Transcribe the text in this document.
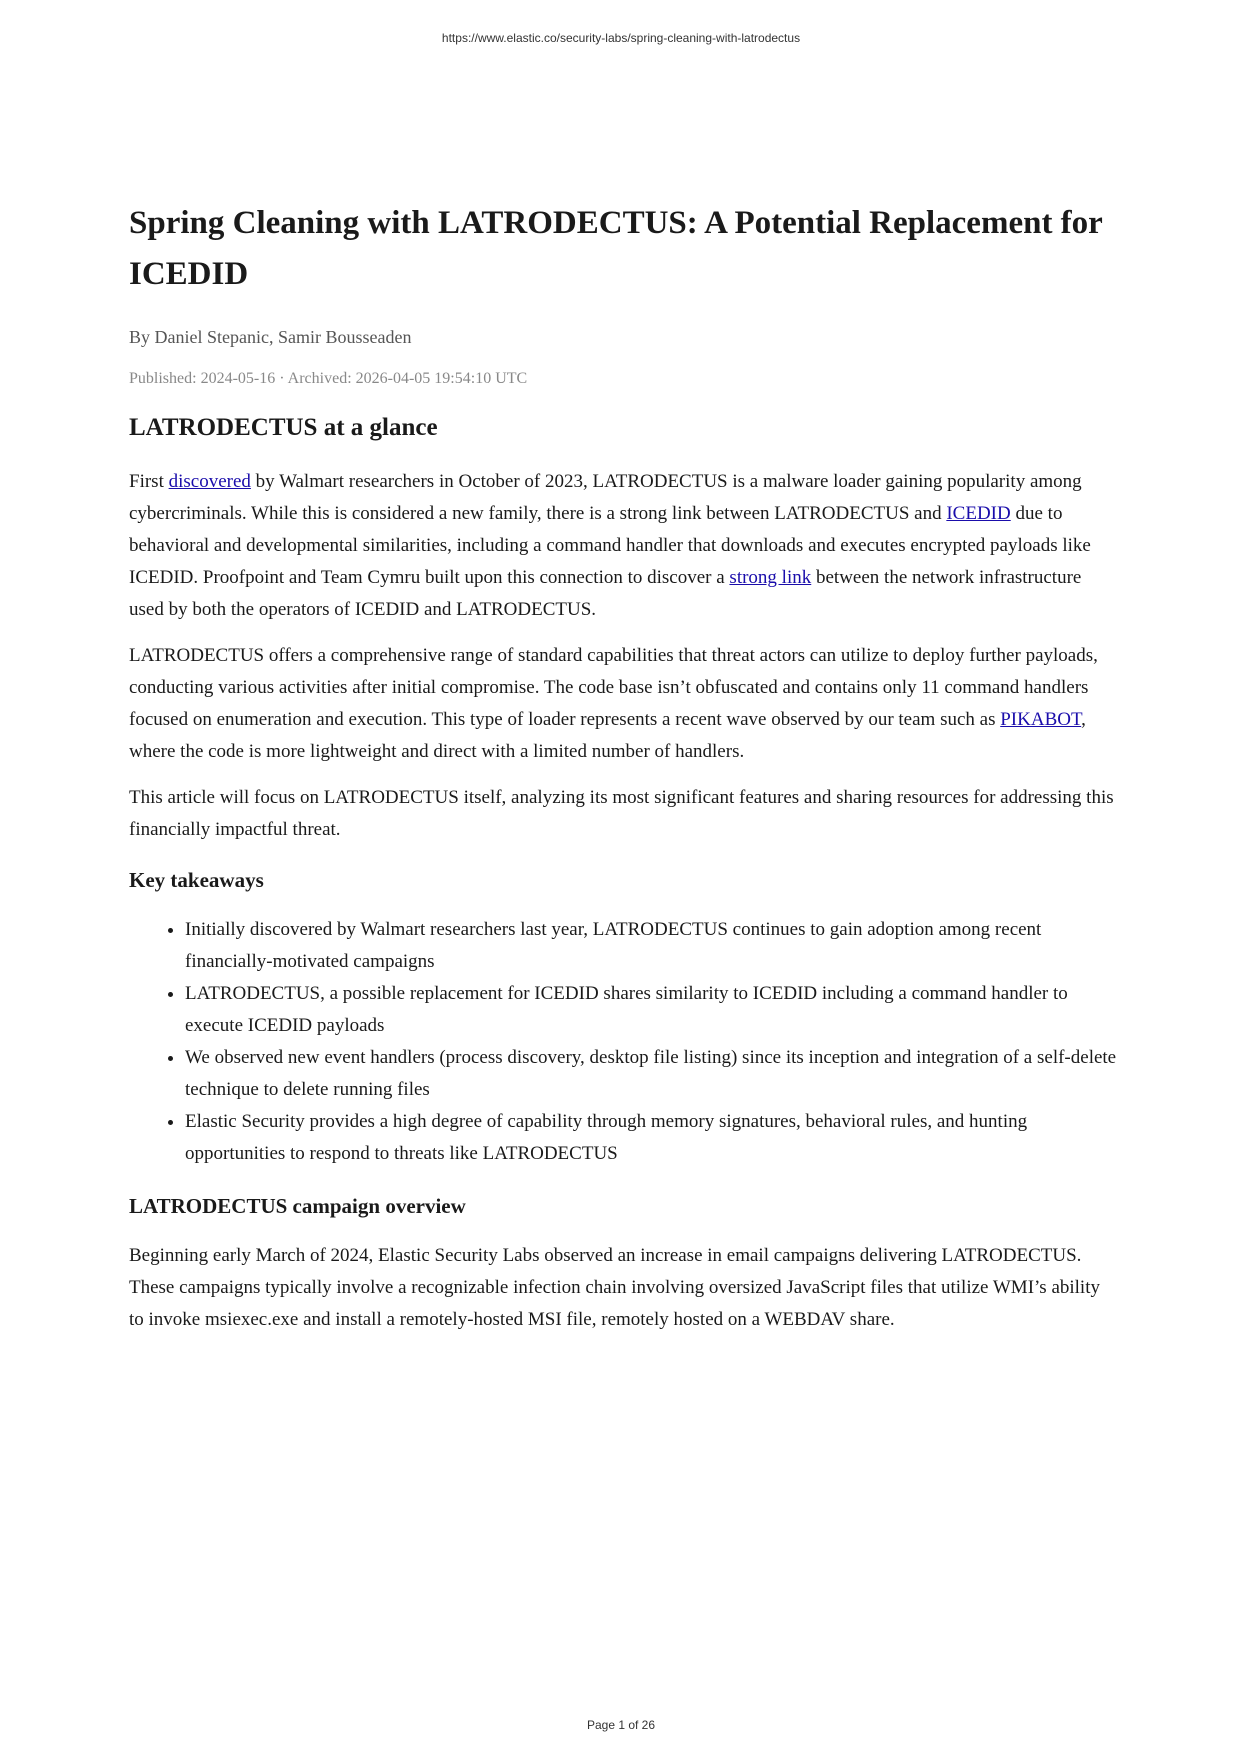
https://www.elastic.co/security-labs/spring-cleaning-with-latrodectus
Spring Cleaning with LATRODECTUS: A Potential Replacement for ICEDID
By Daniel Stepanic, Samir Bousseaden
Published: 2024-05-16 · Archived: 2026-04-05 19:54:10 UTC
LATRODECTUS at a glance

First discovered by Walmart researchers in October of 2023, LATRODECTUS is a malware loader gaining popularity among cybercriminals. While this is considered a new family, there is a strong link between LATRODECTUS and ICEDID due to behavioral and developmental similarities, including a command handler that downloads and executes encrypted payloads like ICEDID. Proofpoint and Team Cymru built upon this connection to discover a strong link between the network infrastructure used by both the operators of ICEDID and LATRODECTUS.

LATRODECTUS offers a comprehensive range of standard capabilities that threat actors can utilize to deploy further payloads, conducting various activities after initial compromise. The code base isn’t obfuscated and contains only 11 command handlers focused on enumeration and execution. This type of loader represents a recent wave observed by our team such as PIKABOT, where the code is more lightweight and direct with a limited number of handlers.

This article will focus on LATRODECTUS itself, analyzing its most significant features and sharing resources for addressing this financially impactful threat.

Key takeaways
• Initially discovered by Walmart researchers last year, LATRODECTUS continues to gain adoption among recent financially-motivated campaigns
• LATRODECTUS, a possible replacement for ICEDID shares similarity to ICEDID including a command handler to execute ICEDID payloads
• We observed new event handlers (process discovery, desktop file listing) since its inception and integration of a self-delete technique to delete running files
• Elastic Security provides a high degree of capability through memory signatures, behavioral rules, and hunting opportunities to respond to threats like LATRODECTUS
LATRODECTUS campaign overview

Beginning early March of 2024, Elastic Security Labs observed an increase in email campaigns delivering LATRODECTUS. These campaigns typically involve a recognizable infection chain involving oversized JavaScript files that utilize WMI’s ability to invoke msiexec.exe and install a remotely-hosted MSI file, remotely hosted on a WEBDAV share.

Page 1 of 26
